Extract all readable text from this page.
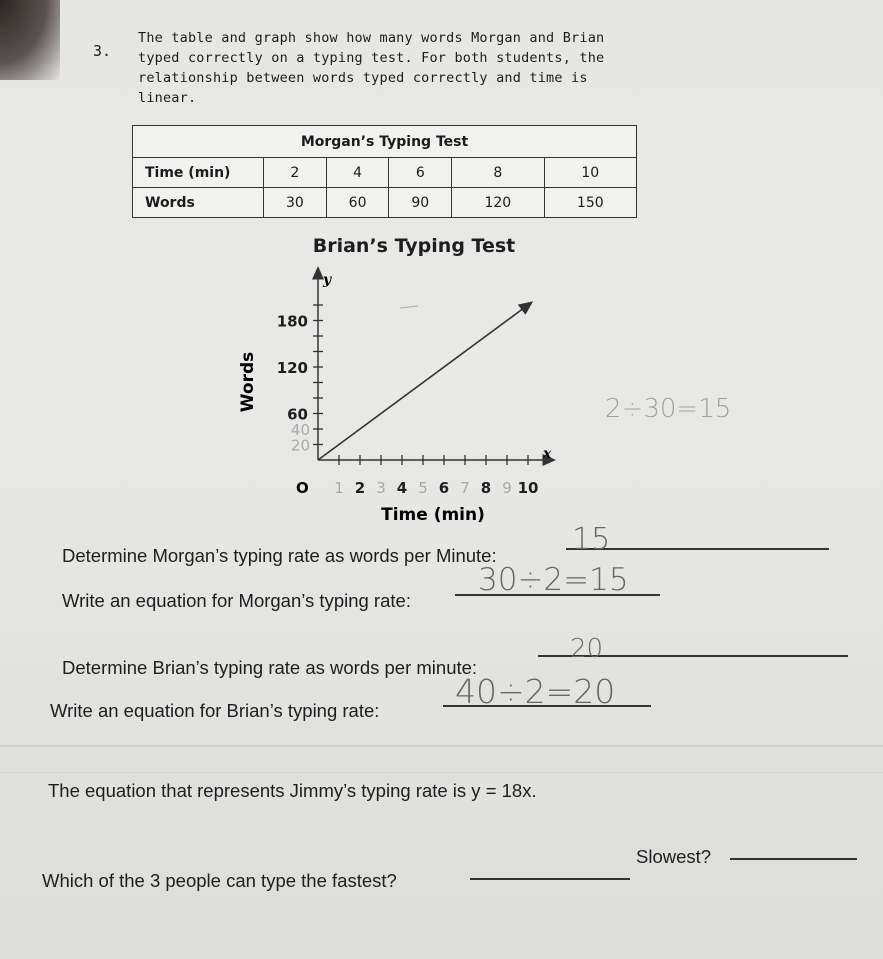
3.
The table and graph show how many words Morgan and Brian typed correctly on a typing test. For both students, the relationship between words typed correctly and time is linear.
Morgan’s Typing Test					
Time (min)	2	4	6	8	10
Words	30	60	90	120	150
Brian’s Typing Test
y
x
O
Words
Time (min)
2 4 6 8 10
60
120
180
40
20
1 3 5 7 9
2÷30=15
Determine Morgan’s typing rate as words per Minute:	15
Write an equation for Morgan’s typing rate:
30÷2=15
Determine Brian’s typing rate as words per minute:
20
Write an equation for Brian’s typing rate: 40÷2=20
The equation that represents Jimmy’s typing rate is y = 18x.
Slowest?
Which of the 3 people can type the fastest?
